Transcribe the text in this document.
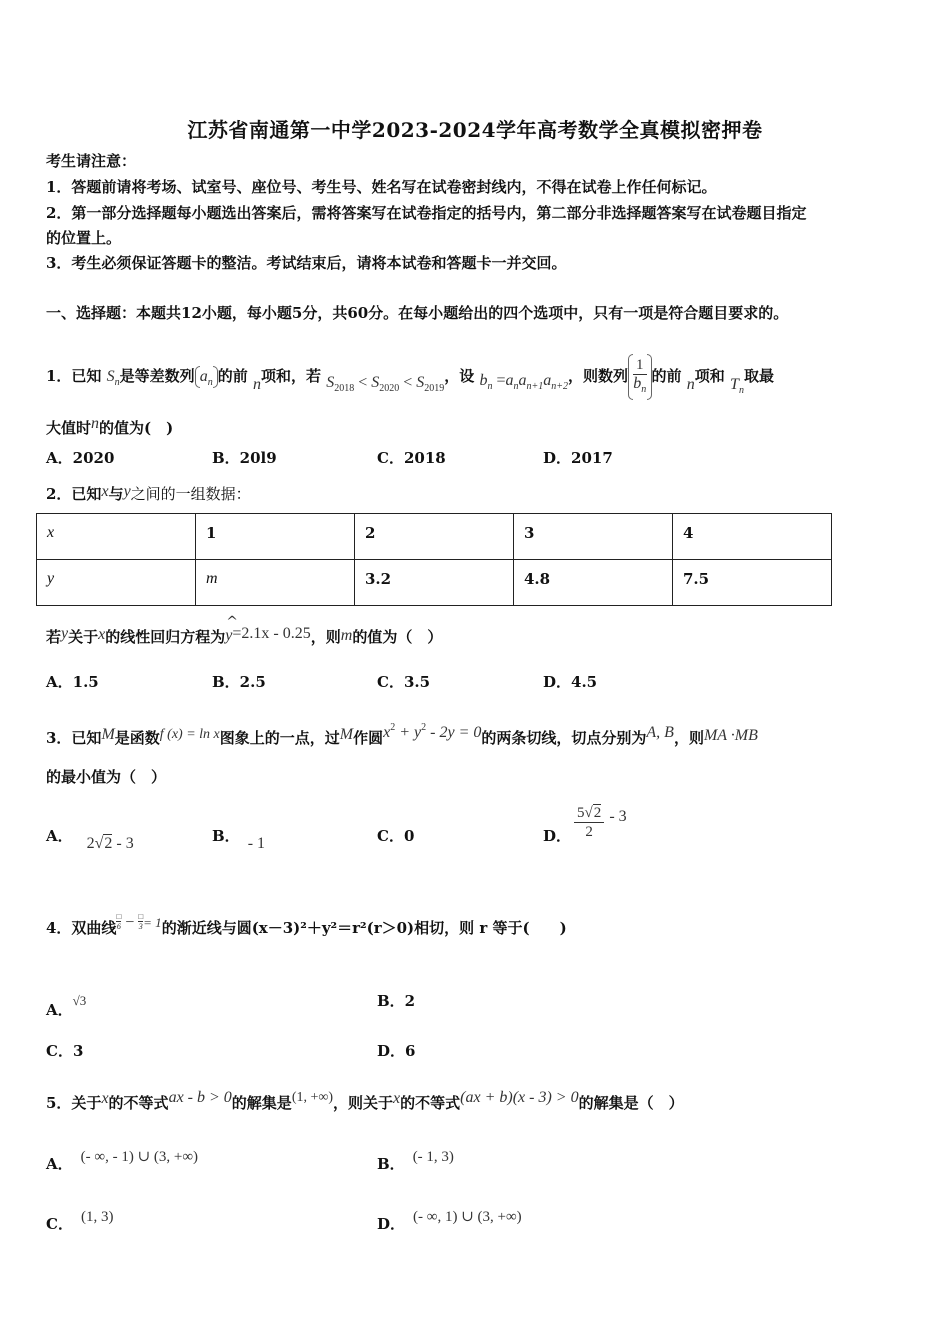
江苏省南通第一中学2023-2024学年高考数学全真模拟密押卷
考生请注意：
1．答题前请将考场、试室号、座位号、考生号、姓名写在试卷密封线内，不得在试卷上作任何标记。
2．第一部分选择题每小题选出答案后，需将答案写在试卷指定的括号内，第二部分非选择题答案写在试卷题目指定
的位置上。
3．考生必须保证答题卡的整洁。考试结束后，请将本试卷和答题卡一并交回。
一、选择题：本题共12小题，每小题5分，共60分。在每小题给出的四个选项中，只有一项是符合题目要求的。
1．已知 $S_n$是等差数列 $a_n$ 的前 n项和，若 $S_{2018} < S_{2020} < S_{2019}$，设 $b_n =a_na_{n+1}a_{n+2}$，则数列 $\frac{1}{b_n}$ 的前 n项和 $T_n$取最
大值时n的值为(　)
A．2020	B．20l9	C．2018	D．2017
2．已知x与y之间的一组数据：
x	1	2	3	4
y	m	3.2	4.8	7.5
若y关于x的线性回归方程为
^
y=2.1x - 0.25，则m的值为（　）
A．1.5	B．2.5	C．3.5	D．4.5
3．已知M是函数f (x) = ln x图象上的一点，过M作圆$x^2 + y^2 - 2y = 0$的两条切线，切点分别为A, B，则MA ·MB
的最小值为（　）
A． 2√2 - 3	B． - 1	C．0	D． $\frac{5√2}{2} - 3$
4．双曲线
□
6 − □
3 = 1的渐近线与圆(x－3)²＋y²＝r²(r＞0)相切，则 r 等于(　　)
A．√3	B．2
C．3	D．6
5．关于x的不等式ax - b > 0的解集是(1, +∞)，则关于x的不等式(ax + b)(x - 3) > 0的解集是（　）
A． (- ∞, - 1) ∪ (3, +∞)	B． (- 1, 3)
C． (1, 3)	D． (- ∞, 1) ∪ (3, +∞)
